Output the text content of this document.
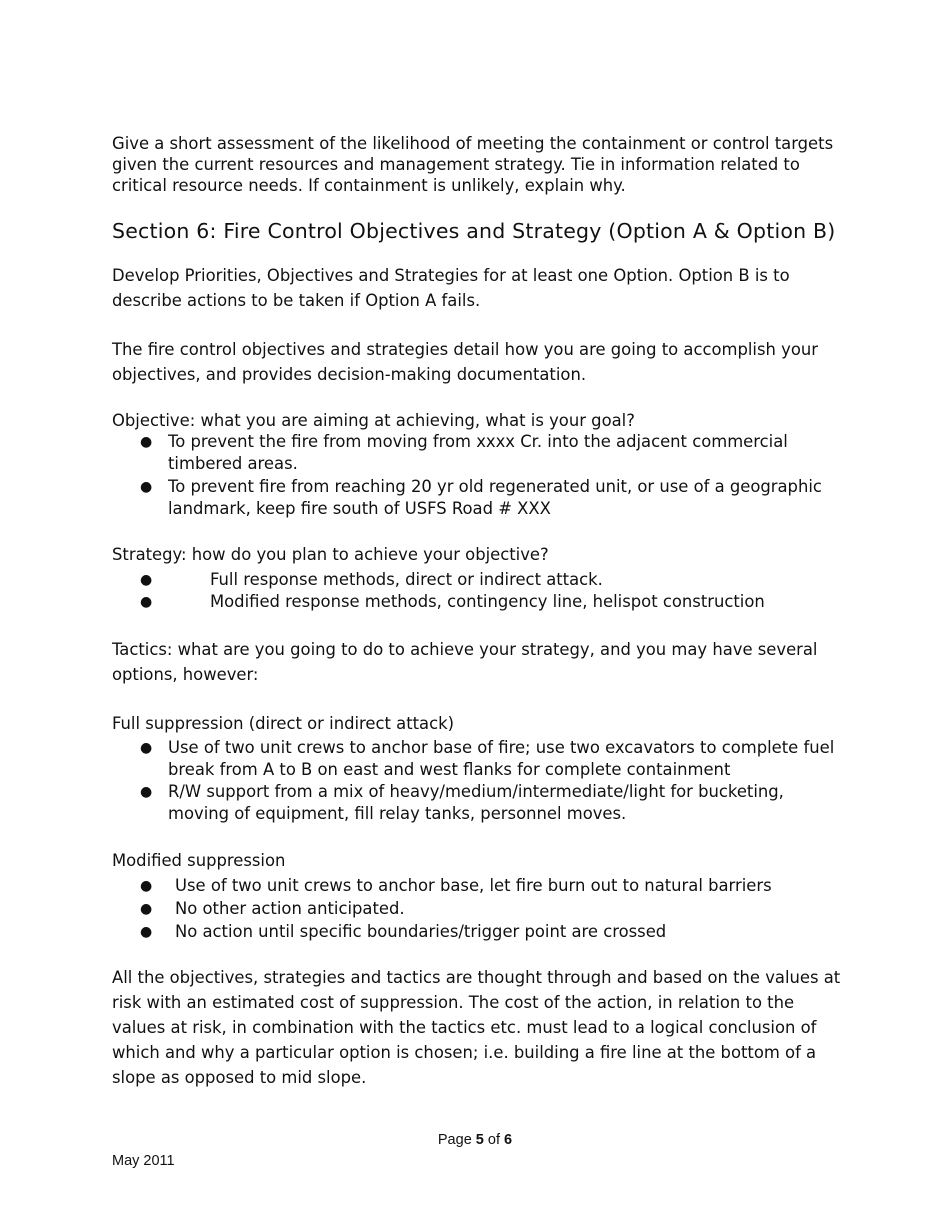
Give a short assessment of the likelihood of meeting the containment or control targets given the current resources and management strategy. Tie in information related to critical resource needs. If containment is unlikely, explain why.

Section 6: Fire Control Objectives and Strategy (Option A & Option B)

Develop Priorities, Objectives and Strategies for at least one Option. Option B is to describe actions to be taken if Option A fails.

The fire control objectives and strategies detail how you are going to accomplish your objectives, and provides decision-making documentation.

Objective: what you are aiming at achieving, what is your goal?

● To prevent the fire from moving from xxxx Cr. into the adjacent commercial timbered areas.
● To prevent fire from reaching 20 yr old regenerated unit, or use of a geographic landmark, keep fire south of USFS Road # XXX

Strategy: how do you plan to achieve your objective?

●	Full response methods, direct or indirect attack.
●	Modified response methods, contingency line, helispot construction

Tactics: what are you going to do to achieve your strategy, and you may have several options, however:

Full suppression (direct or indirect attack)

● Use of two unit crews to anchor base of fire; use two excavators to complete fuel break from A to B on east and west flanks for complete containment
● R/W support from a mix of heavy/medium/intermediate/light for bucketing, moving of equipment, fill relay tanks, personnel moves.

Modified suppression

● Use of two unit crews to anchor base, let fire burn out to natural barriers
● No other action anticipated.
● No action until specific boundaries/trigger point are crossed

All the objectives, strategies and tactics are thought through and based on the values at risk with an estimated cost of suppression. The cost of the action, in relation to the values at risk, in combination with the tactics etc. must lead to a logical conclusion of which and why a particular option is chosen; i.e. building a fire line at the bottom of a slope as opposed to mid slope.

Page 5 of 6
May 2011
